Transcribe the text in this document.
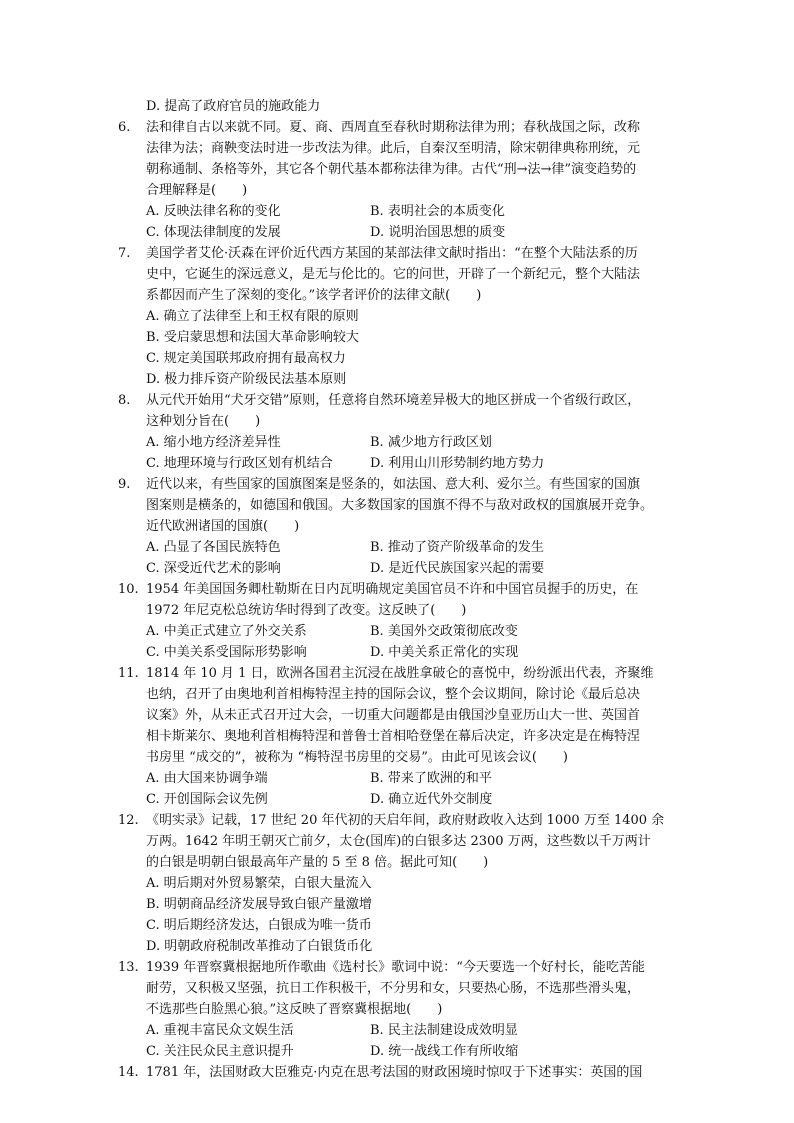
D. 提高了政府官员的施政能力
6. 法和律自古以来就不同。夏、商、西周直至春秋时期称法律为刑；春秋战国之际，改称
法律为法；商鞅变法时进一步改法为律。此后，自秦汉至明清，除宋朝律典称刑统，元
朝称通制、条格等外，其它各个朝代基本都称法律为律。古代“刑→法→律”演变趋势的
合理解释是(　　)
A. 反映法律名称的变化	B. 表明社会的本质变化
C. 体现法律制度的发展	D. 说明治国思想的质变
7. 美国学者艾伦·沃森在评价近代西方某国的某部法律文献时指出：“在整个大陆法系的历
史中，它诞生的深远意义，是无与伦比的。它的问世，开辟了一个新纪元，整个大陆法
系都因而产生了深刻的变化。”该学者评价的法律文献(　　)
A. 确立了法律至上和王权有限的原则
B. 受启蒙思想和法国大革命影响较大
C. 规定美国联邦政府拥有最高权力
D. 极力排斥资产阶级民法基本原则
8. 从元代开始用“犬牙交错”原则，任意将自然环境差异极大的地区拼成一个省级行政区，
这种划分旨在(　　)
A. 缩小地方经济差异性	B. 减少地方行政区划
C. 地理环境与行政区划有机结合	D. 利用山川形势制约地方势力
9. 近代以来，有些国家的国旗图案是竖条的，如法国、意大利、爱尔兰。有些国家的国旗
图案则是横条的，如德国和俄国。大多数国家的国旗不得不与敌对政权的国旗展开竞争。
近代欧洲诸国的国旗(　　)
A. 凸显了各国民族特色	B. 推动了资产阶级革命的发生
C. 深受近代艺术的影响	D. 是近代民族国家兴起的需要
10. 1954 年美国国务卿杜勒斯在日内瓦明确规定美国官员不许和中国官员握手的历史，在
1972 年尼克松总统访华时得到了改变。这反映了(　　)
A. 中美正式建立了外交关系	B. 美国外交政策彻底改变
C. 中美关系受国际形势影响	D. 中美关系正常化的实现
11. 1814 年 10 月 1 日，欧洲各国君主沉浸在战胜拿破仑的喜悦中，纷纷派出代表，齐聚维
也纳，召开了由奥地利首相梅特涅主持的国际会议，整个会议期间，除讨论《最后总决
议案》外，从未正式召开过大会，一切重大问题都是由俄国沙皇亚历山大一世、英国首
相卡斯莱尔、奥地利首相梅特涅和普鲁士首相哈登堡在幕后决定，许多决定是在梅特涅
书房里 “成交的”，被称为 “梅特涅书房里的交易”。由此可见该会议(　　)
A. 由大国来协调争端	B. 带来了欧洲的和平
C. 开创国际会议先例	D. 确立近代外交制度
12. 《明实录》记载，17 世纪 20 年代初的天启年间，政府财政收入达到 1000 万至 1400 余
万两。1642 年明王朝灭亡前夕，太仓(国库)的白银多达 2300 万两，这些数以千万两计
的白银是明朝白银最高年产量的 5 至 8 倍。据此可知(　　)
A. 明后期对外贸易繁荣，白银大量流入
B. 明朝商品经济发展导致白银产量激增
C. 明后期经济发达，白银成为唯一货币
D. 明朝政府税制改革推动了白银货币化
13. 1939 年晋察冀根据地所作歌曲《选村长》歌词中说：“今天要选一个好村长，能吃苦能
耐劳，又积极又坚强，抗日工作积极干，不分男和女，只要热心肠，不选那些滑头鬼，
不选那些白脸黑心狼。”这反映了晋察冀根据地(　　)
A. 重视丰富民众文娱生活	B. 民主法制建设成效明显
C. 关注民众民主意识提升	D. 统一战线工作有所收缩
14. 1781 年，法国财政大臣雅克·内克在思考法国的财政困境时惊叹于下述事实：英国的国
